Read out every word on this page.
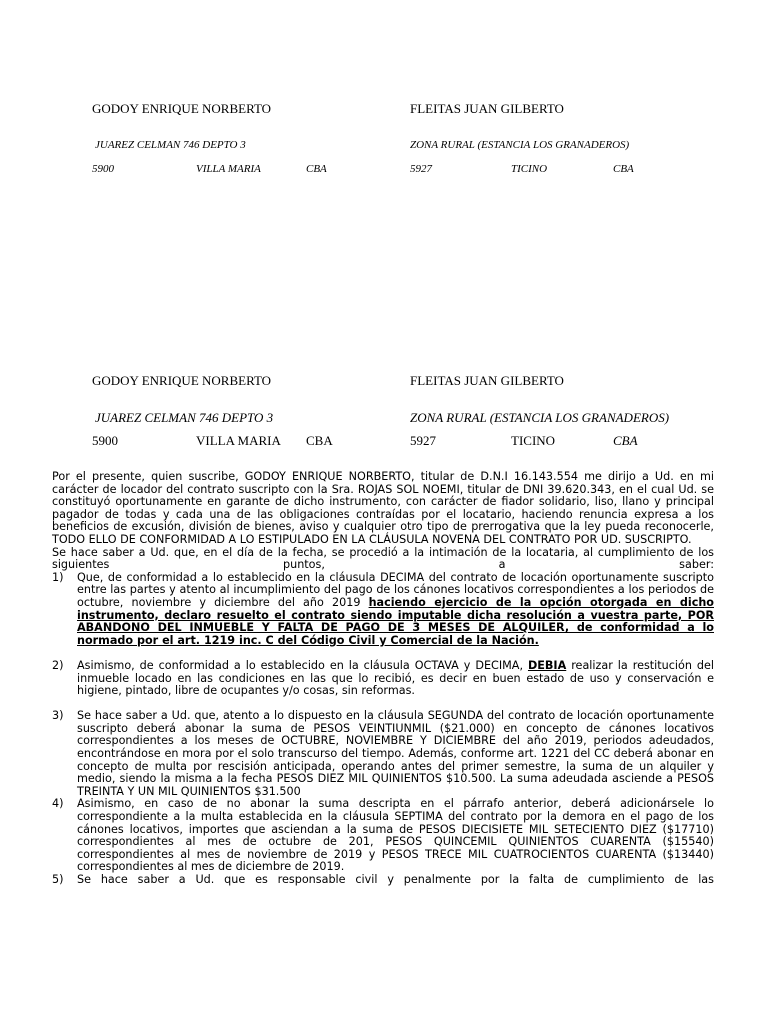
GODOY ENRIQUE NORBERTO	FLEITAS JUAN GILBERTO
JUAREZ CELMAN 746 DEPTO 3	ZONA RURAL (ESTANCIA LOS GRANADEROS)
5900	VILLA MARIA	CBA	5927	TICINO	CBA
GODOY ENRIQUE NORBERTO	FLEITAS JUAN GILBERTO
JUAREZ CELMAN 746 DEPTO 3	ZONA RURAL (ESTANCIA LOS GRANADEROS)
5900	VILLA MARIA CBA	5927	TICINO	CBA

Por el presente, quien suscribe, GODOY ENRIQUE NORBERTO, titular de D.N.I 16.143.554 me dirijo a Ud. en mi carácter de locador del contrato suscripto con la Sra. ROJAS SOL NOEMI, titular de DNI 39.620.343, en el cual Ud. se constituyó oportunamente en garante de dicho instrumento, con carácter de fiador solidario, liso, llano y principal pagador de todas y cada una de las obligaciones contraídas por el locatario, haciendo renuncia expresa a los beneficios de excusión, división de bienes, aviso y cualquier otro tipo de prerrogativa que la ley pueda reconocerle, TODO ELLO DE CONFORMIDAD A LO ESTIPULADO EN LA CLÁUSULA NOVENA DEL CONTRATO POR UD. SUSCRIPTO.

Se hace saber a Ud. que, en el día de la fecha, se procedió a la intimación de la locataria, al cumplimiento de los siguientes puntos, a saber:

1) Que, de conformidad a lo establecido en la cláusula DECIMA del contrato de locación oportunamente suscripto entre las partes y atento al incumplimiento del pago de los cánones locativos correspondientes a los periodos de octubre, noviembre y diciembre del año 2019 haciendo ejercicio de la opción otorgada en dicho instrumento, declaro resuelto el contrato siendo imputable dicha resolución a vuestra parte, POR ABANDONO DEL INMUEBLE Y FALTA DE PAGO DE 3 MESES DE ALQUILER, de conformidad a lo normado por el art. 1219 inc. C del Código Civil y Comercial de la Nación.
2) Asimismo, de conformidad a lo establecido en la cláusula OCTAVA y DECIMA, DEBIA realizar la restitución del inmueble locado en las condiciones en las que lo recibió, es decir en buen estado de uso y conservación e higiene, pintado, libre de ocupantes y/o cosas, sin reformas.
3) Se hace saber a Ud. que, atento a lo dispuesto en la cláusula SEGUNDA del contrato de locación oportunamente suscripto deberá abonar la suma de PESOS VEINTIUNMIL ($21.000) en concepto de cánones locativos correspondientes a los meses de OCTUBRE, NOVIEMBRE Y DICIEMBRE del año 2019, periodos adeudados, encontrándose en mora por el solo transcurso del tiempo. Además, conforme art. 1221 del CC deberá abonar en concepto de multa por rescisión anticipada, operando antes del primer semestre, la suma de un alquiler y medio, siendo la misma a la fecha PESOS DIEZ MIL QUINIENTOS $10.500. La suma adeudada asciende a PESOS TREINTA Y UN MIL QUINIENTOS $31.500
4) Asimismo, en caso de no abonar la suma descripta en el párrafo anterior, deberá adicionársele lo correspondiente a la multa establecida en la cláusula SEPTIMA del contrato por la demora en el pago de los cánones locativos, importes que asciendan a la suma de PESOS DIECISIETE MIL SETECIENTO DIEZ ($17710) correspondientes al mes de octubre de 201, PESOS QUINCEMIL QUINIENTOS CUARENTA ($15540) correspondientes al mes de noviembre de 2019 y PESOS TRECE MIL CUATROCIENTOS CUARENTA ($13440) correspondientes al mes de diciembre de 2019.
5) Se hace saber a Ud. que es responsable civil y penalmente por la falta de cumplimiento de las
